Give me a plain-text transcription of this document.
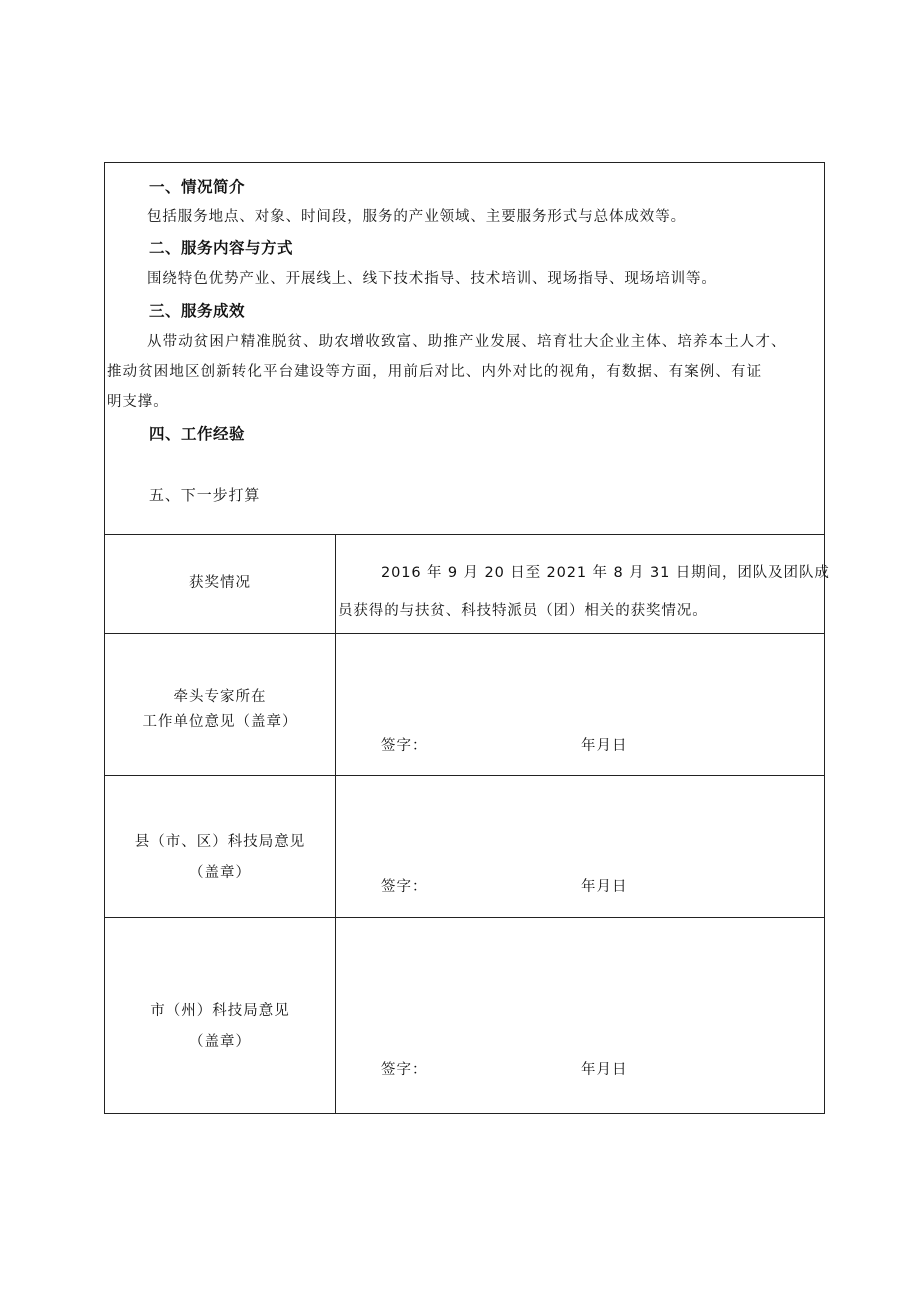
一、情况简介
包括服务地点、对象、时间段，服务的产业领域、主要服务形式与总体成效等。
二、服务内容与方式
围绕特色优势产业、开展线上、线下技术指导、技术培训、现场指导、现场培训等。
三、服务成效
从带动贫困户精准脱贫、助农增收致富、助推产业发展、培育壮大企业主体、培养本土人才、
推动贫困地区创新转化平台建设等方面，用前后对比、内外对比的视角，有数据、有案例、有证
明支撑。
四、工作经验
五、下一步打算
获奖情况
2016 年 9 月 20 日至 2021 年 8 月 31 日期间，团队及团队成
员获得的与扶贫、科技特派员（团）相关的获奖情况。
牵头专家所在
工作单位意见（盖章）
签字：	年月日
县（市、区）科技局意见
（盖章）
签字：	年月日
市（州）科技局意见
（盖章）
签字：	年月日
